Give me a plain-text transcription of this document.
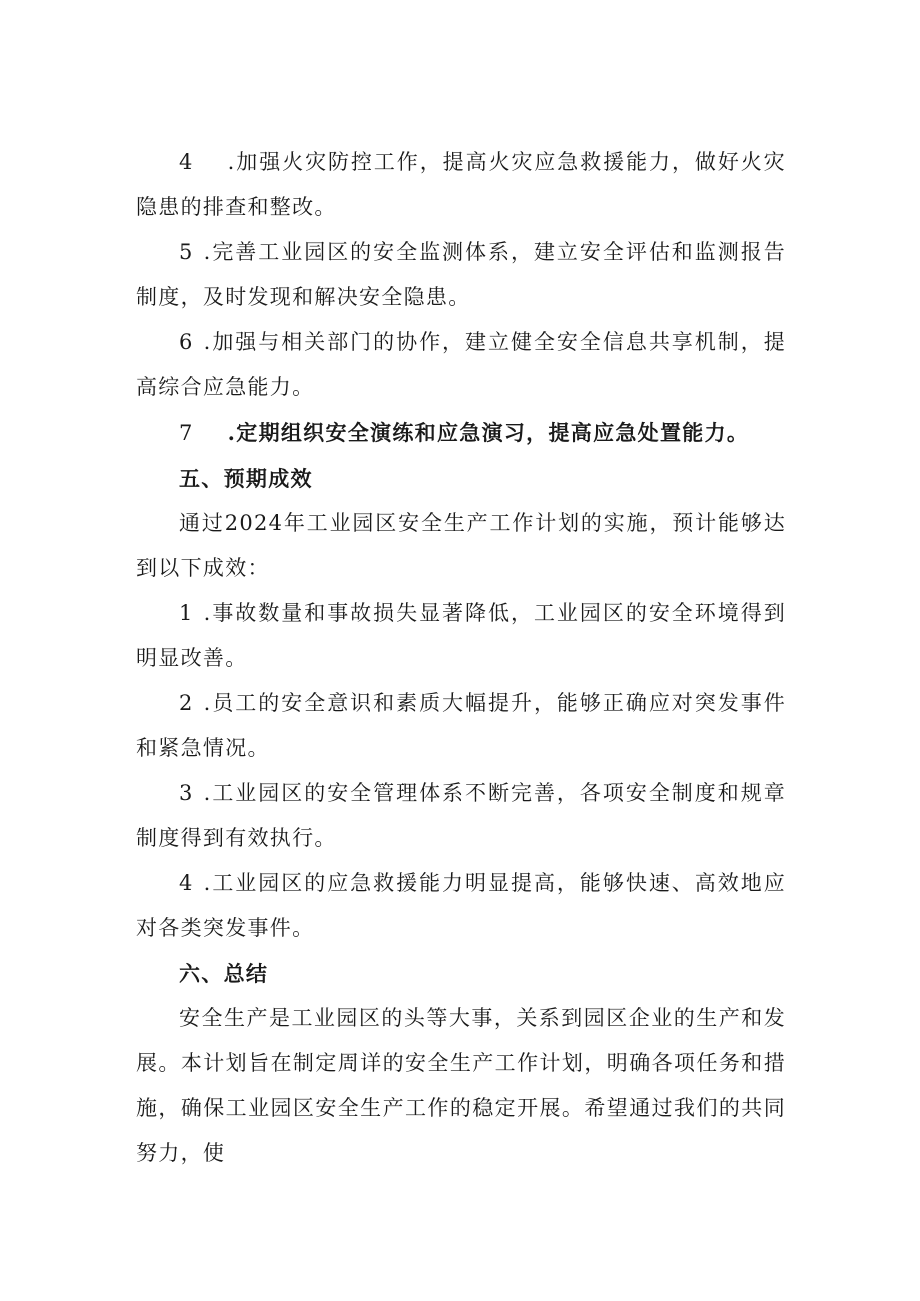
4 .加强火灾防控工作，提高火灾应急救援能力，做好火灾隐患的排查和整改。

5 .完善工业园区的安全监测体系，建立安全评估和监测报告制度，及时发现和解决安全隐患。

6 .加强与相关部门的协作，建立健全安全信息共享机制，提高综合应急能力。

7 .定期组织安全演练和应急演习，提高应急处置能力。

五、预期成效

通过2024年工业园区安全生产工作计划的实施，预计能够达到以下成效：

1 .事故数量和事故损失显著降低，工业园区的安全环境得到明显改善。

2 .员工的安全意识和素质大幅提升，能够正确应对突发事件和紧急情况。

3 .工业园区的安全管理体系不断完善，各项安全制度和规章制度得到有效执行。

4 .工业园区的应急救援能力明显提高，能够快速、高效地应对各类突发事件。

六、总结

安全生产是工业园区的头等大事，关系到园区企业的生产和发展。本计划旨在制定周详的安全生产工作计划，明确各项任务和措施，确保工业园区安全生产工作的稳定开展。希望通过我们的共同努力，使
